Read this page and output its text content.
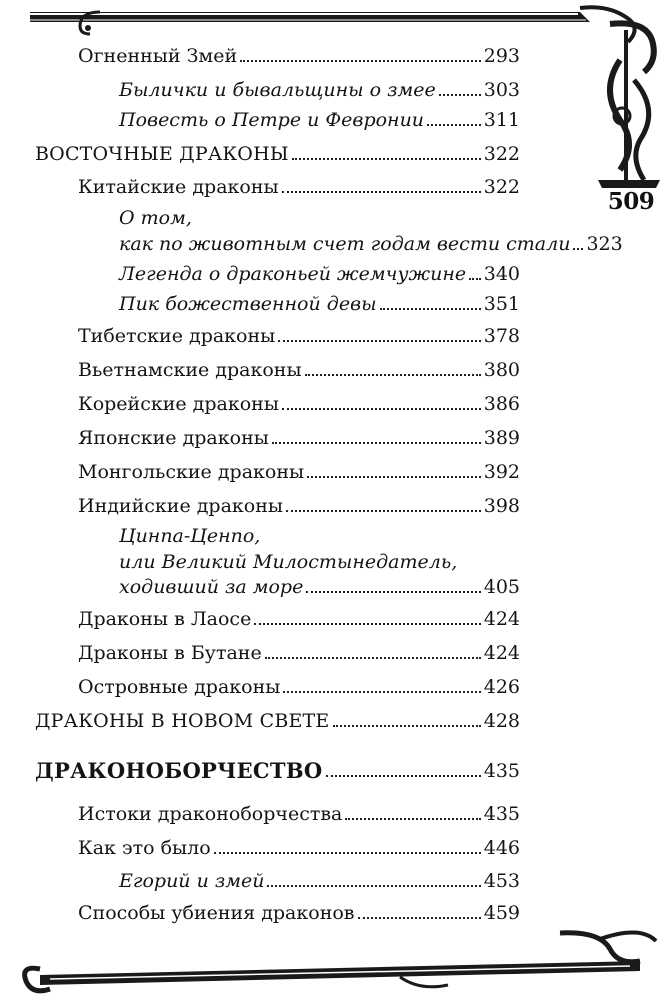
509
Огненный Змей	293
Былички и бывальщины о змее	303
Повесть о Петре и Февронии	311
ВОСТОЧНЫЕ ДРАКОНЫ	322
Китайские драконы	322
О том,
как по животным счет годам вести стали 323
Легенда о драконьей жемчужине 340
Пик божественной девы	351
Тибетские драконы	378
Вьетнамские драконы	380
Корейские драконы	386
Японские драконы	389
Монгольские драконы	392
Индийские драконы	398
Цинпа-Ценпо,
или Великий Милостынедатель,
ходивший за море	405
Драконы в Лаосе	424
Драконы в Бутане	424
Островные драконы	426
ДРАКОНЫ В НОВОМ СВЕТЕ	428
ДРАКОНОБОРЧЕСТВО	435
Истоки драконоборчества	435
Как это было	446
Егорий и змей	453
Способы убиения драконов	459
